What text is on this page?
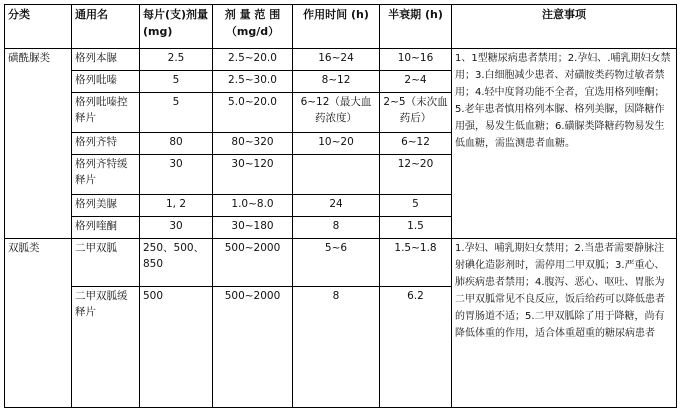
分类	通用名	每片(支)剂量 (mg)	剂 量 范 围（mg/d）	作用时间 (h)	半衰期 (h)	注意事项
磺酰脲类	格列本脲	2.5	2.5~20.0	16~24	10~16	1、1型糖尿病患者禁用；2.孕妇、.哺乳期妇女禁用；3.白细胞减少患者、对磺胺类药物过敏者禁用；4.轻中度肾功能不全者，宜选用格列喹酮；5.老年患者慎用格列本脲、格列美脲，因降糖作用强，易发生低血糖；6.磺脲类降糖药物易发生低血糖，需监测患者血糖。
	格列吡嗪	5	2.5~30.0	8~12	2~4	
	格列吡嗪控释片	5	5.0~20.0	6~12（最大血药浓度）	2~5（末次血药后）	
	格列齐特	80	80~320	10~20	6~12	
	格列齐特缓释片	30	30~120		12~20	
	格列美脲	1, 2	1.0~8.0	24	5	
	格列喹酮	30	30~180	8	1.5	
双胍类	二甲双胍	250、500、850	500~2000	5~6	1.5~1.8	1.孕妇、哺乳期妇女禁用；2.当患者需要静脉注射碘化造影剂时，需停用二甲双胍；3.严重心、肺疾病患者禁用；4.腹泻、恶心、呕吐、胃胀为二甲双胍常见不良反应，饭后给药可以降低患者的胃肠道不适；5.二甲双胍除了用于降糖，尚有降低体重的作用，适合体重超重的糖尿病患者
	二甲双胍缓释片	500	500~2000	8	6.2	
